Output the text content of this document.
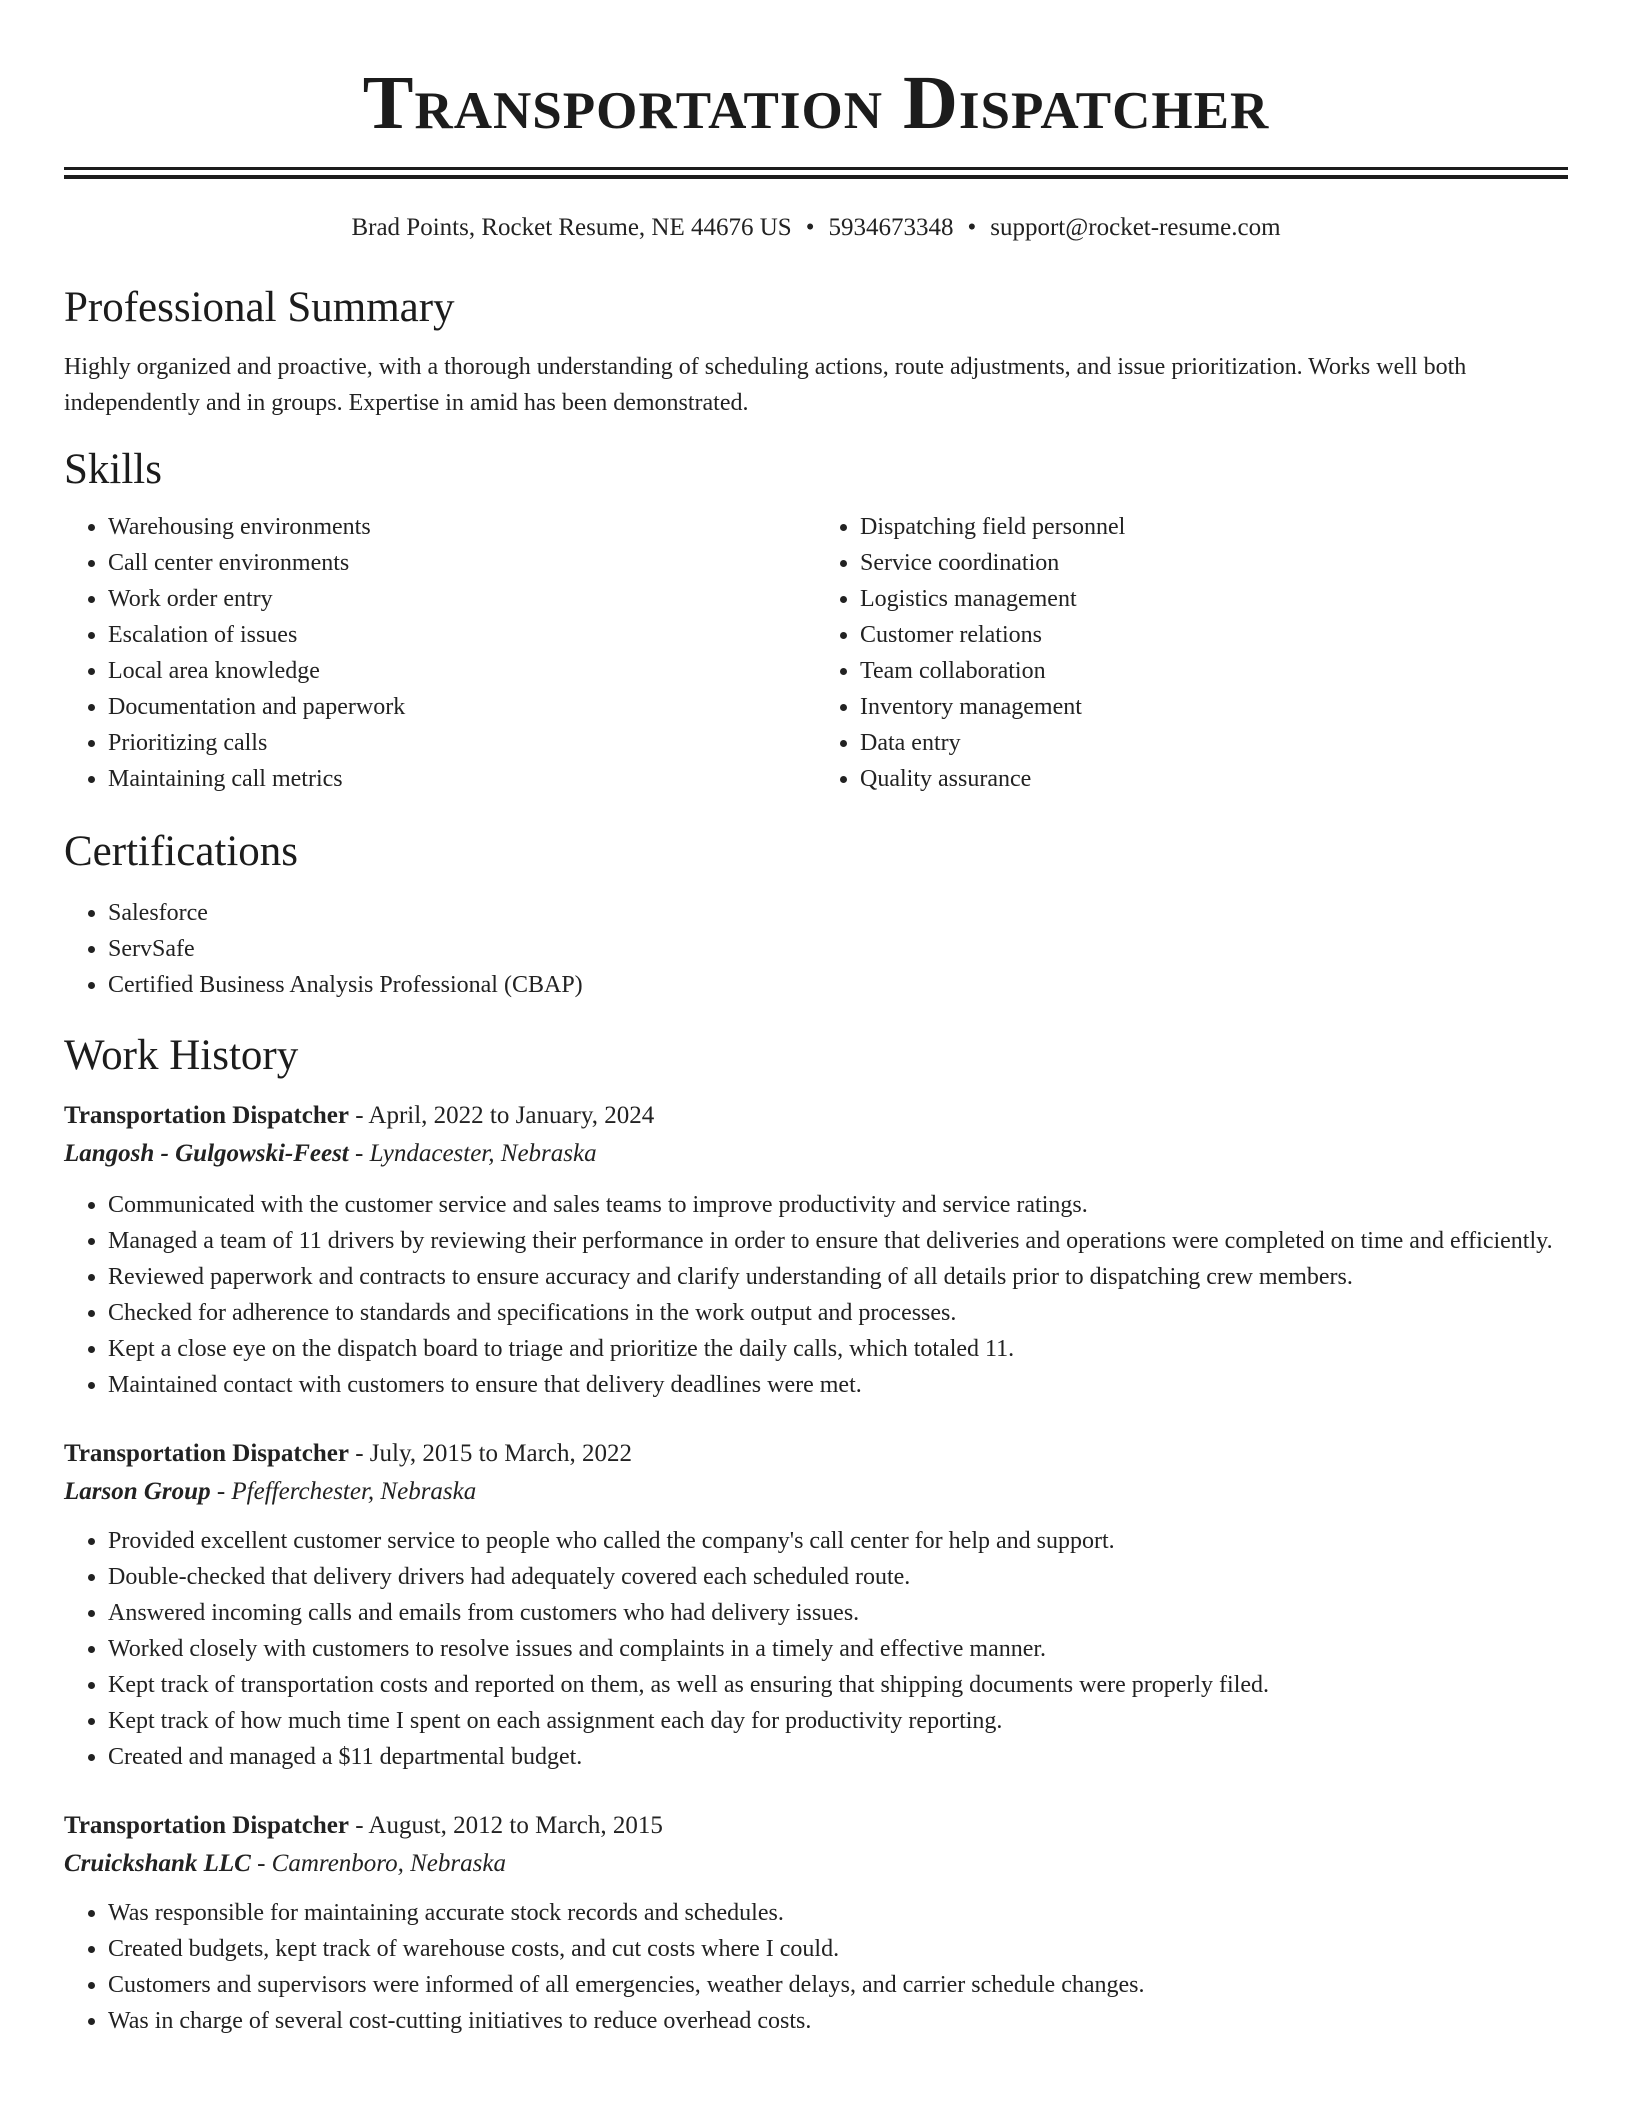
Transportation Dispatcher
Brad Points, Rocket Resume, NE 44676 US • 5934673348 • support@rocket-resume.com
Professional Summary

Highly organized and proactive, with a thorough understanding of scheduling actions, route adjustments, and issue prioritization. Works well both independently and in groups. Expertise in amid has been demonstrated.

Skills
• Warehousing environments
• Call center environments
• Work order entry
• Escalation of issues
• Local area knowledge
• Documentation and paperwork
• Prioritizing calls
• Maintaining call metrics
• Dispatching field personnel
• Service coordination
• Logistics management
• Customer relations
• Team collaboration
• Inventory management
• Data entry
• Quality assurance
Certifications
• Salesforce
• ServSafe
• Certified Business Analysis Professional (CBAP)
Work History
Transportation Dispatcher - April, 2022 to January, 2024
Langosh - Gulgowski-Feest - Lyndacester, Nebraska
• Communicated with the customer service and sales teams to improve productivity and service ratings.
• Managed a team of 11 drivers by reviewing their performance in order to ensure that deliveries and operations were completed on time and efficiently.
• Reviewed paperwork and contracts to ensure accuracy and clarify understanding of all details prior to dispatching crew members.
• Checked for adherence to standards and specifications in the work output and processes.
• Kept a close eye on the dispatch board to triage and prioritize the daily calls, which totaled 11.
• Maintained contact with customers to ensure that delivery deadlines were met.
Transportation Dispatcher - July, 2015 to March, 2022
Larson Group - Pfefferchester, Nebraska
• Provided excellent customer service to people who called the company's call center for help and support.
• Double-checked that delivery drivers had adequately covered each scheduled route.
• Answered incoming calls and emails from customers who had delivery issues.
• Worked closely with customers to resolve issues and complaints in a timely and effective manner.
• Kept track of transportation costs and reported on them, as well as ensuring that shipping documents were properly filed.
• Kept track of how much time I spent on each assignment each day for productivity reporting.
• Created and managed a $11 departmental budget.
Transportation Dispatcher - August, 2012 to March, 2015
Cruickshank LLC - Camrenboro, Nebraska
• Was responsible for maintaining accurate stock records and schedules.
• Created budgets, kept track of warehouse costs, and cut costs where I could.
• Customers and supervisors were informed of all emergencies, weather delays, and carrier schedule changes.
• Was in charge of several cost-cutting initiatives to reduce overhead costs.
